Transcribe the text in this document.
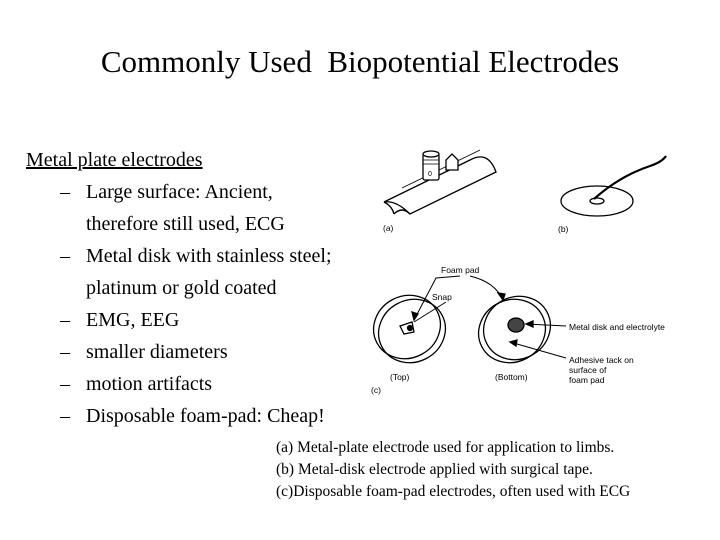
Commonly Used  Biopotential Electrodes
Metal plate electrodes
– Large surface: Ancient,
therefore still used, ECG
– Metal disk with stainless steel;
platinum or gold coated
– EMG, EEG
– smaller diameters
– motion artifacts
– Disposable foam-pad: Cheap!
0
(a)	(b)
Foam pad
Snap
Metal disk and electrolyte
Adhesive tack on
surface of
foam pad
(Top)	(Bottom)
(c)
(a) Metal-plate electrode used for application to limbs.
(b) Metal-disk electrode applied with surgical tape.
(c)Disposable foam-pad electrodes, often used with ECG
